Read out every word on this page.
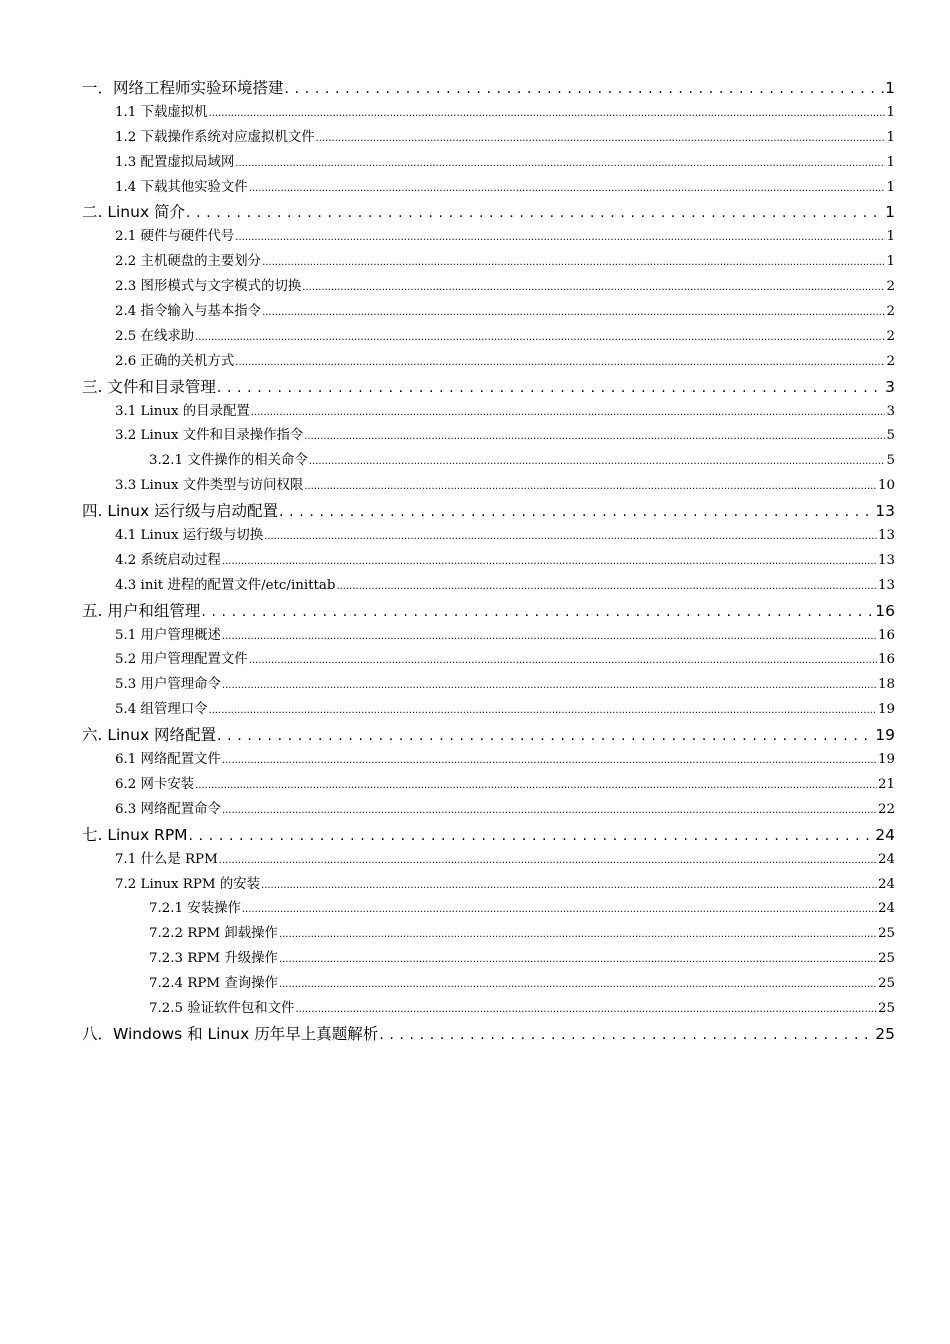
一．网络工程师实验环境搭建 . . .	1
1.1 下载虚拟机 .....	1
1.2 下载操作系统对应虚拟机文件 .....	1
1.3 配置虚拟局域网 .....	1
1.4 下载其他实验文件 .....	1
二. Linux 简介 . . .	1
2.1 硬件与硬件代号 .....	1
2.2 主机硬盘的主要划分 .....	1
2.3 图形模式与文字模式的切换 .....	2
2.4 指令输入与基本指令 .....	2
2.5 在线求助 .....	2
2.6 正确的关机方式 .....	2
三. 文件和目录管理 . . .	3
3.1 Linux 的目录配置 .....	3
3.2 Linux 文件和目录操作指令 .....	5
3.2.1 文件操作的相关命令 .....	5
3.3 Linux 文件类型与访问权限 .....	10
四. Linux 运行级与启动配置 . . .	13
4.1 Linux 运行级与切换 .....	13
4.2 系统启动过程 .....	13
4.3 init 进程的配置文件/etc/inittab .....	13
五. 用户和组管理 . . .	16
5.1 用户管理概述 .....	16
5.2 用户管理配置文件 .....	16
5.3 用户管理命令 .....	18
5.4 组管理口令 .....	19
六. Linux 网络配置 . . .	19
6.1 网络配置文件 .....	19
6.2 网卡安装 .....	21
6.3 网络配置命令 .....	22
七. Linux RPM . . .	24
7.1 什么是 RPM .....	24
7.2 Linux RPM 的安装 .....	24
7.2.1 安装操作 .....	24
7.2.2 RPM 卸载操作 .....	25
7.2.3 RPM 升级操作 .....	25
7.2.4 RPM 查询操作 .....	25
7.2.5 验证软件包和文件 .....	25
八．Windows 和 Linux 历年早上真题解析 . . .	25
